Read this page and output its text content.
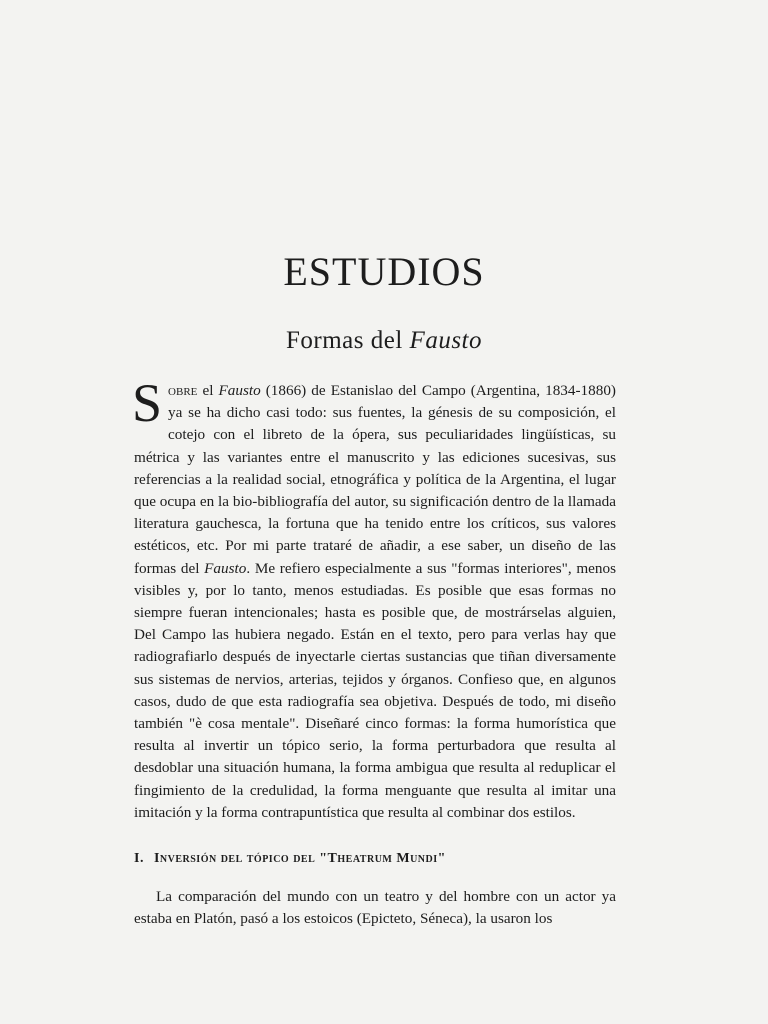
ESTUDIOS
Formas del Fausto

Sobre el Fausto (1866) de Estanislao del Campo (Argentina, 1834-1880) ya se ha dicho casi todo: sus fuentes, la génesis de su composición, el cotejo con el libreto de la ópera, sus peculiaridades lingüísticas, su métrica y las variantes entre el manuscrito y las ediciones sucesivas, sus referencias a la realidad social, etnográfica y política de la Argentina, el lugar que ocupa en la bio-bibliografía del autor, su significación dentro de la llamada literatura gauchesca, la fortuna que ha tenido entre los críticos, sus valores estéticos, etc. Por mi parte trataré de añadir, a ese saber, un diseño de las formas del Fausto. Me refiero especialmente a sus "formas interiores", menos visibles y, por lo tanto, menos estudiadas. Es posible que esas formas no siempre fueran intencionales; hasta es posible que, de mostrárselas alguien, Del Campo las hubiera negado. Están en el texto, pero para verlas hay que radiografiarlo después de inyectarle ciertas sustancias que tiñan diversamente sus sistemas de nervios, arterias, tejidos y órganos. Confieso que, en algunos casos, dudo de que esta radiografía sea objetiva. Después de todo, mi diseño también "è cosa mentale". Diseñaré cinco formas: la forma humorística que resulta al invertir un tópico serio, la forma perturbadora que resulta al desdoblar una situación humana, la forma ambigua que resulta al reduplicar el fingimiento de la credulidad, la forma menguante que resulta al imitar una imitación y la forma contrapuntística que resulta al combinar dos estilos.

I. Inversión del tópico del "Theatrum Mundi"

La comparación del mundo con un teatro y del hombre con un actor ya estaba en Platón, pasó a los estoicos (Epicteto, Séneca), la usaron los
